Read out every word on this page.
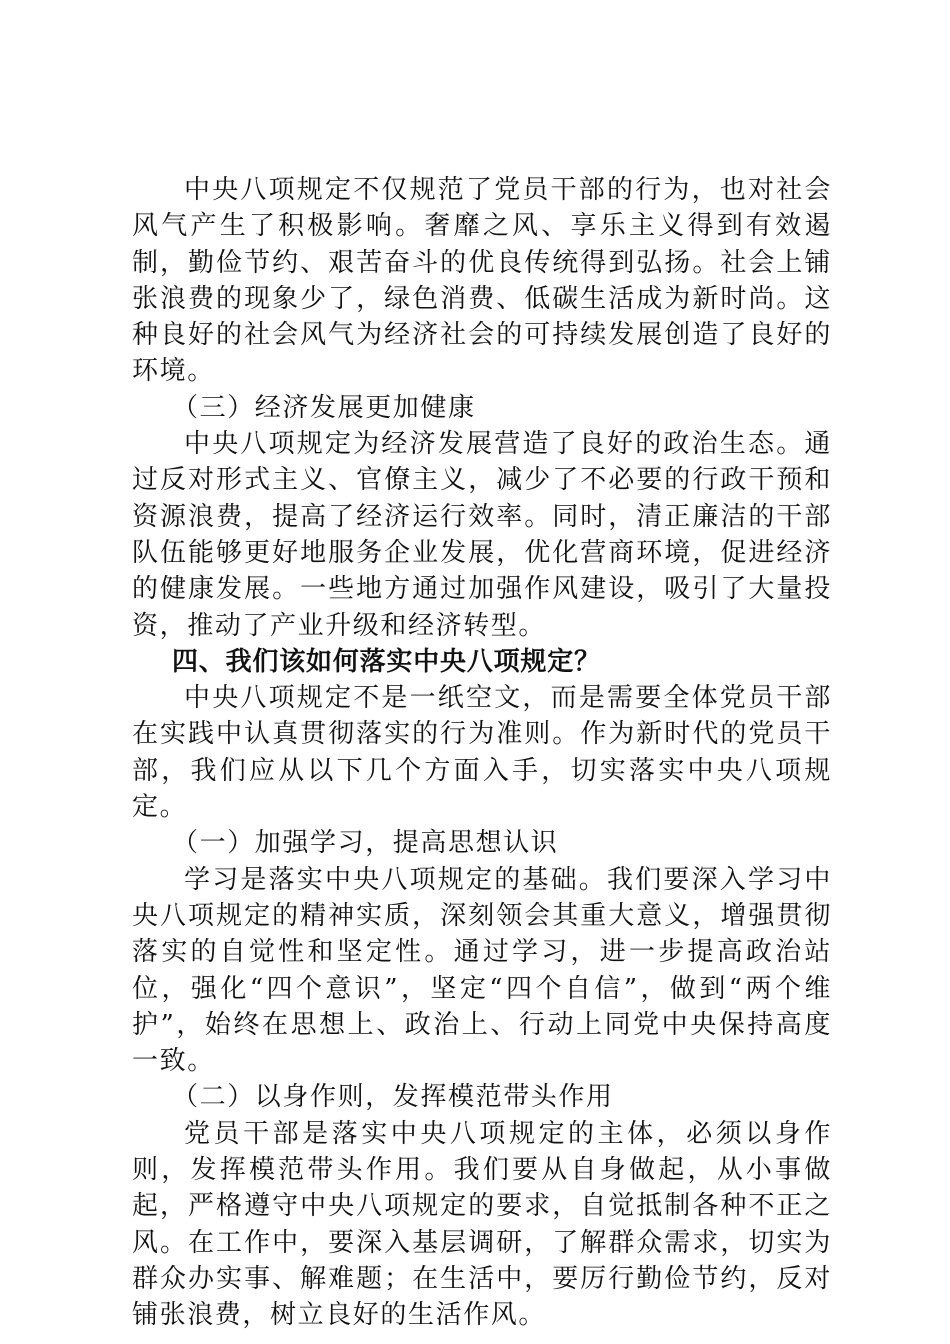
中央八项规定不仅规范了党员干部的行为，也对社会风气产生了积极影响。奢靡之风、享乐主义得到有效遏制，勤俭节约、艰苦奋斗的优良传统得到弘扬。社会上铺张浪费的现象少了，绿色消费、低碳生活成为新时尚。这种良好的社会风气为经济社会的可持续发展创造了良好的环境。

（三）经济发展更加健康

中央八项规定为经济发展营造了良好的政治生态。通过反对形式主义、官僚主义，减少了不必要的行政干预和资源浪费，提高了经济运行效率。同时，清正廉洁的干部队伍能够更好地服务企业发展，优化营商环境，促进经济的健康发展。一些地方通过加强作风建设，吸引了大量投资，推动了产业升级和经济转型。

四、我们该如何落实中央八项规定？

中央八项规定不是一纸空文，而是需要全体党员干部在实践中认真贯彻落实的行为准则。作为新时代的党员干部，我们应从以下几个方面入手，切实落实中央八项规定。

（一）加强学习，提高思想认识

学习是落实中央八项规定的基础。我们要深入学习中央八项规定的精神实质，深刻领会其重大意义，增强贯彻落实的自觉性和坚定性。通过学习，进一步提高政治站位，强化“四个意识”，坚定“四个自信”，做到“两个维护”，始终在思想上、政治上、行动上同党中央保持高度一致。

（二）以身作则，发挥模范带头作用

党员干部是落实中央八项规定的主体，必须以身作则，发挥模范带头作用。我们要从自身做起，从小事做起，严格遵守中央八项规定的要求，自觉抵制各种不正之风。在工作中，要深入基层调研，了解群众需求，切实为群众办实事、解难题；在生活中，要厉行勤俭节约，反对铺张浪费，树立良好的生活作风。
